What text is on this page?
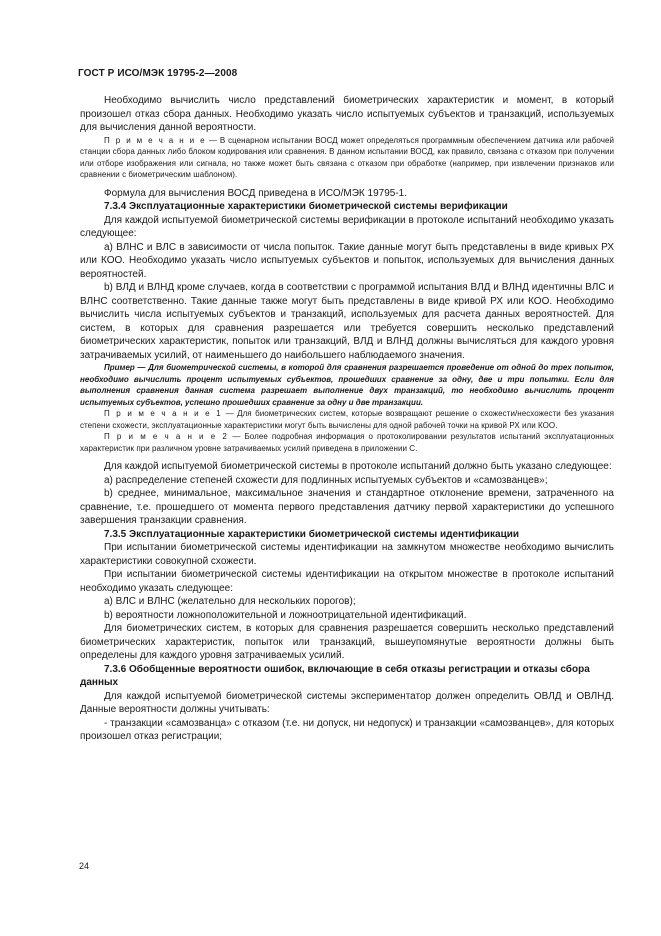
ГОСТ Р ИСО/МЭК 19795-2—2008

Необходимо вычислить число представлений биометрических характеристик и момент, в который произошел отказ сбора данных. Необходимо указать число испытуемых субъектов и транзакций, используемых для вычисления данной вероятности.

П р и м е ч а н и е — В сценарном испытании ВОСД может определяться программным обеспечением датчика или рабочей станции сбора данных либо блоком кодирования или сравнения. В данном испытании ВОСД, как правило, связана с отказом при получении или отборе изображения или сигнала, но также может быть связана с отказом при обработке (например, при извлечении признаков или сравнении с биометрическим шаблоном).

Формула для вычисления ВОСД приведена в ИСО/МЭК 19795-1.

7.3.4 Эксплуатационные характеристики биометрической системы верификации

Для каждой испытуемой биометрической системы верификации в протоколе испытаний необходимо указать следующее:

a) ВЛНС и ВЛС в зависимости от числа попыток. Такие данные могут быть представлены в виде кривых РХ или КОО. Необходимо указать число испытуемых субъектов и попыток, используемых для вычисления данных вероятностей.

b) ВЛД и ВЛНД кроме случаев, когда в соответствии с программой испытания ВЛД и ВЛНД идентичны ВЛС и ВЛНС соответственно. Такие данные также могут быть представлены в виде кривой РХ или КОО. Необходимо вычислить числа испытуемых субъектов и транзакций, используемых для расчета данных вероятностей. Для систем, в которых для сравнения разрешается или требуется совершить несколько представлений биометрических характеристик, попыток или транзакций, ВЛД и ВЛНД должны вычисляться для каждого уровня затрачиваемых усилий, от наименьшего до наибольшего наблюдаемого значения.

Пример — Для биометрической системы, в которой для сравнения разрешается проведение от одной до трех попыток, необходимо вычислить процент испытуемых субъектов, прошедших сравнение за одну, две и три попытки. Если для выполнения сравнения данная система разрешает выполнение двух транзакций, то необходимо вычислить процент испытуемых субъектов, успешно прошедших сравнение за одну и две транзакции.

П р и м е ч а н и е 1 — Для биометрических систем, которые возвращают решение о схожести/несхожести без указания степени схожести, эксплуатационные характеристики могут быть вычислены для одной рабочей точки на кривой РХ или КОО.

П р и м е ч а н и е 2 — Более подробная информация о протоколировании результатов испытаний эксплуатационных характеристик при различном уровне затрачиваемых усилий приведена в приложении С.

Для каждой испытуемой биометрической системы в протоколе испытаний должно быть указано следующее:

a) распределение степеней схожести для подлинных испытуемых субъектов и «самозванцев»;

b) среднее, минимальное, максимальное значения и стандартное отклонение времени, затраченного на сравнение, т.е. прошедшего от момента первого представления датчику первой характеристики до успешного завершения транзакции сравнения.

7.3.5 Эксплуатационные характеристики биометрической системы идентификации

При испытании биометрической системы идентификации на замкнутом множестве необходимо вычислить характеристики совокупной схожести.

При испытании биометрической системы идентификации на открытом множестве в протоколе испытаний необходимо указать следующее:

a) ВЛС и ВЛНС (желательно для нескольких порогов);

b) вероятности ложноположительной и ложноотрицательной идентификаций.

Для биометрических систем, в которых для сравнения разрешается совершить несколько представлений биометрических характеристик, попыток или транзакций, вышеупомянутые вероятности должны быть определены для каждого уровня затрачиваемых усилий.

7.3.6 Обобщенные вероятности ошибок, включающие в себя отказы регистрации и отказы сбора данных

Для каждой испытуемой биометрической системы экспериментатор должен определить ОВЛД и ОВЛНД. Данные вероятности должны учитывать:

- транзакции «самозванца» с отказом (т.е. ни допуск, ни недопуск) и транзакции «самозванцев», для которых произошел отказ регистрации;

24
